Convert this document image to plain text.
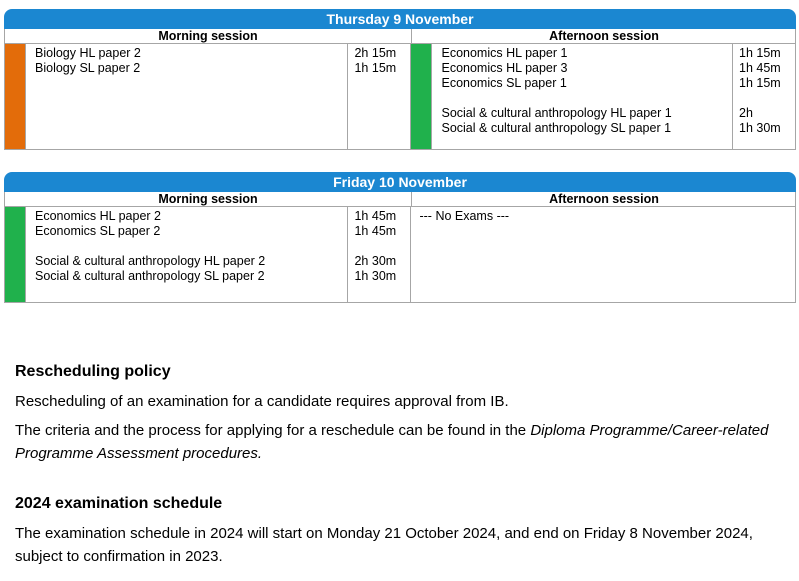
Thursday 9 November
Morning session	Afternoon session
Biology HL paper 2
Biology SL paper 2
2h 15m
1h 15m
Economics HL paper 1
Economics HL paper 3
Economics SL paper 1
Social & cultural anthropology HL paper 1
Social & cultural anthropology SL paper 1
1h 15m
1h 45m
1h 15m
2h
1h 30m
Friday 10 November
Morning session	Afternoon session
Economics HL paper 2
Economics SL paper 2
Social & cultural anthropology HL paper 2
Social & cultural anthropology SL paper 2
1h 45m
1h 45m
2h 30m
1h 30m
--- No Exams ---
Rescheduling policy
Rescheduling of an examination for a candidate requires approval from IB.
The criteria and the process for applying for a reschedule can be found in the Diploma Programme/Career-related Programme Assessment procedures.
2024 examination schedule
The examination schedule in 2024 will start on Monday 21 October 2024, and end on Friday 8 November 2024, subject to confirmation in 2023.
